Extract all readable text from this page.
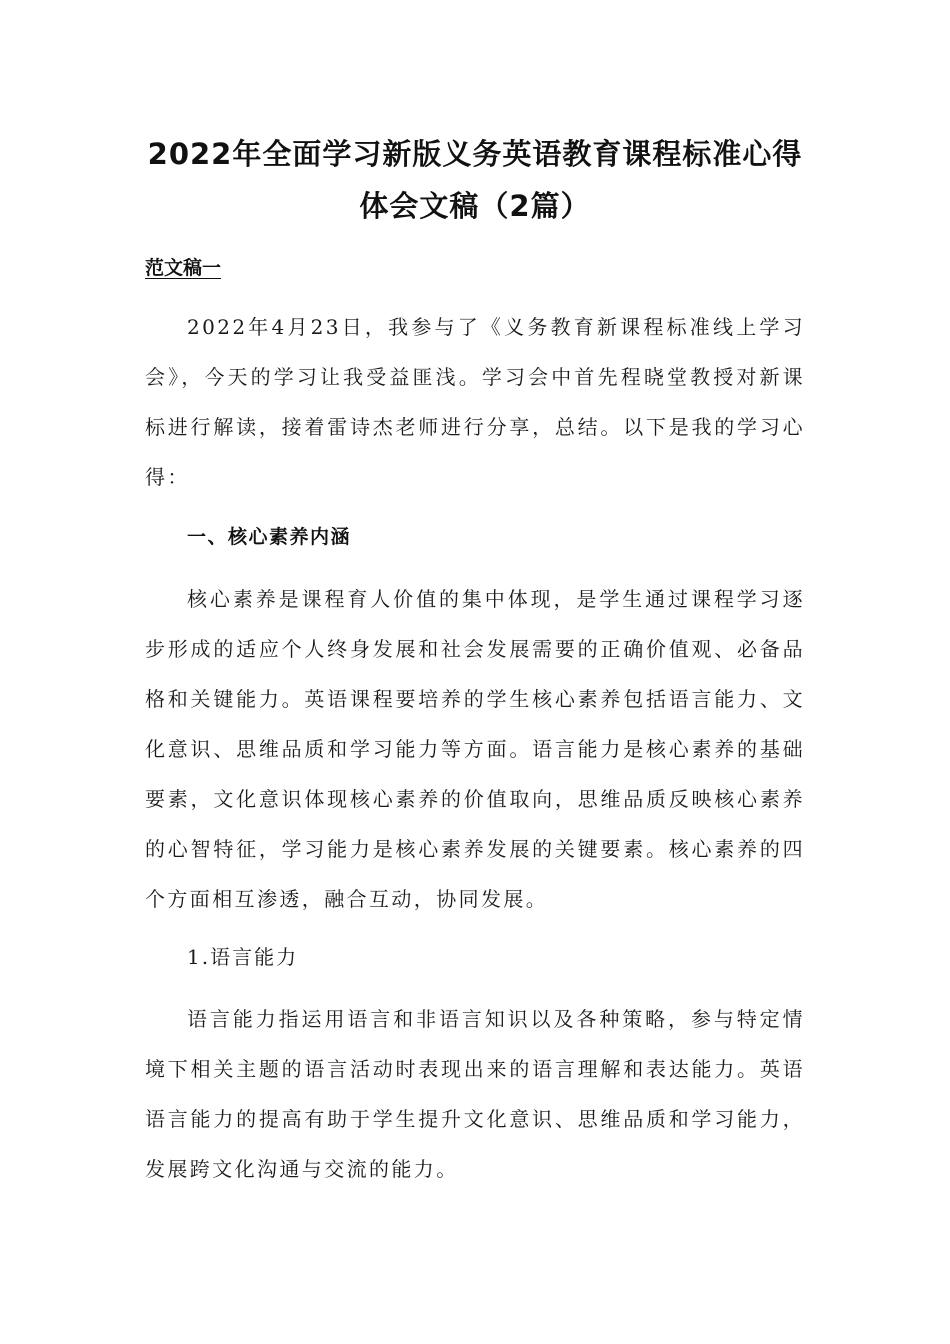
2022年全面学习新版义务英语教育课程标准心得体会文稿（2篇）
范文稿一

2022年4月23日，我参与了《义务教育新课程标准线上学习会》，今天的学习让我受益匪浅。学习会中首先程晓堂教授对新课标进行解读，接着雷诗杰老师进行分享，总结。以下是我的学习心得：

一、核心素养内涵

核心素养是课程育人价值的集中体现，是学生通过课程学习逐步形成的适应个人终身发展和社会发展需要的正确价值观、必备品格和关键能力。英语课程要培养的学生核心素养包括语言能力、文化意识、思维品质和学习能力等方面。语言能力是核心素养的基础要素，文化意识体现核心素养的价值取向，思维品质反映核心素养的心智特征，学习能力是核心素养发展的关键要素。核心素养的四个方面相互渗透，融合互动，协同发展。

1.语言能力

语言能力指运用语言和非语言知识以及各种策略，参与特定情境下相关主题的语言活动时表现出来的语言理解和表达能力。英语语言能力的提高有助于学生提升文化意识、思维品质和学习能力，发展跨文化沟通与交流的能力。
